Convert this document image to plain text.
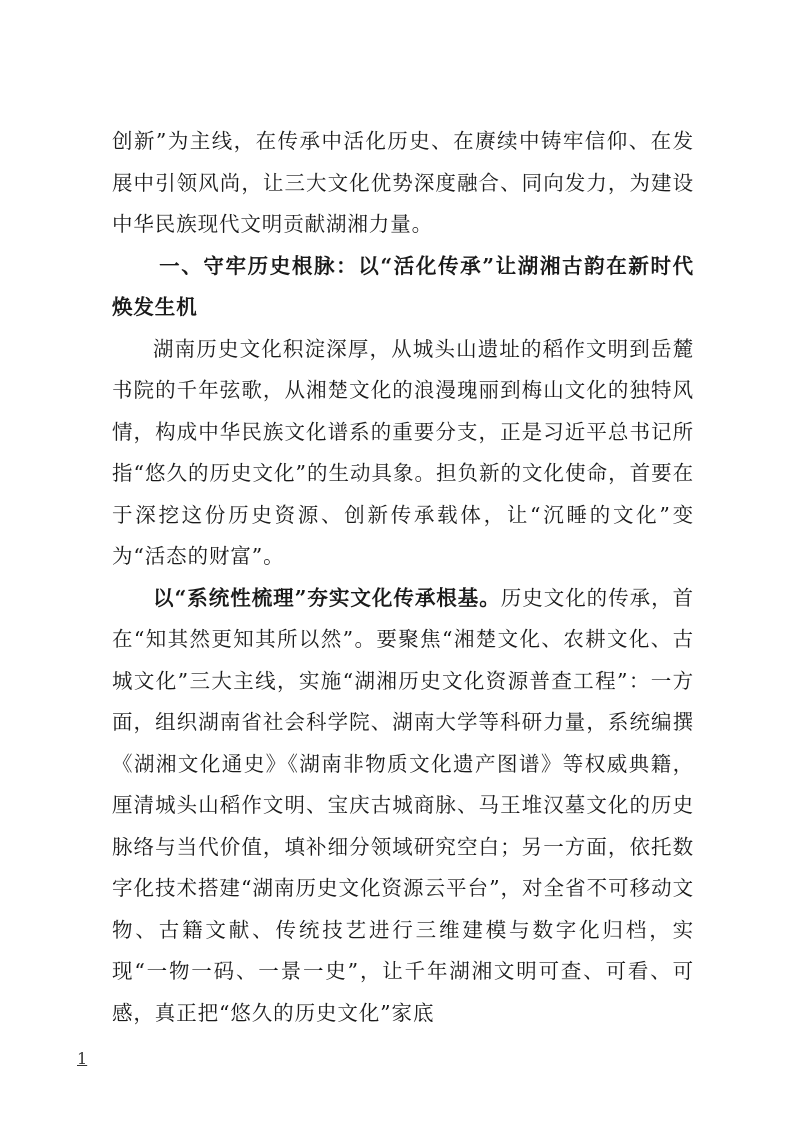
创新”为主线，在传承中活化历史、在赓续中铸牢信仰、在发展中引领风尚，让三大文化优势深度融合、同向发力，为建设中华民族现代文明贡献湖湘力量。

一、守牢历史根脉：以“活化传承”让湖湘古韵在新时代焕发生机

湖南历史文化积淀深厚，从城头山遗址的稻作文明到岳麓书院的千年弦歌，从湘楚文化的浪漫瑰丽到梅山文化的独特风情，构成中华民族文化谱系的重要分支，正是习近平总书记所指“悠久的历史文化”的生动具象。担负新的文化使命，首要在于深挖这份历史资源、创新传承载体，让“沉睡的文化”变为“活态的财富”。

以“系统性梳理”夯实文化传承根基。历史文化的传承，首在“知其然更知其所以然”。要聚焦“湘楚文化、农耕文化、古城文化”三大主线，实施“湖湘历史文化资源普查工程”：一方面，组织湖南省社会科学院、湖南大学等科研力量，系统编撰《湖湘文化通史》《湖南非物质文化遗产图谱》等权威典籍，厘清城头山稻作文明、宝庆古城商脉、马王堆汉墓文化的历史脉络与当代价值，填补细分领域研究空白；另一方面，依托数字化技术搭建“湖南历史文化资源云平台”，对全省不可移动文物、古籍文献、传统技艺进行三维建模与数字化归档，实现“一物一码、一景一史”，让千年湖湘文明可查、可看、可感，真正把“悠久的历史文化”家底

1
